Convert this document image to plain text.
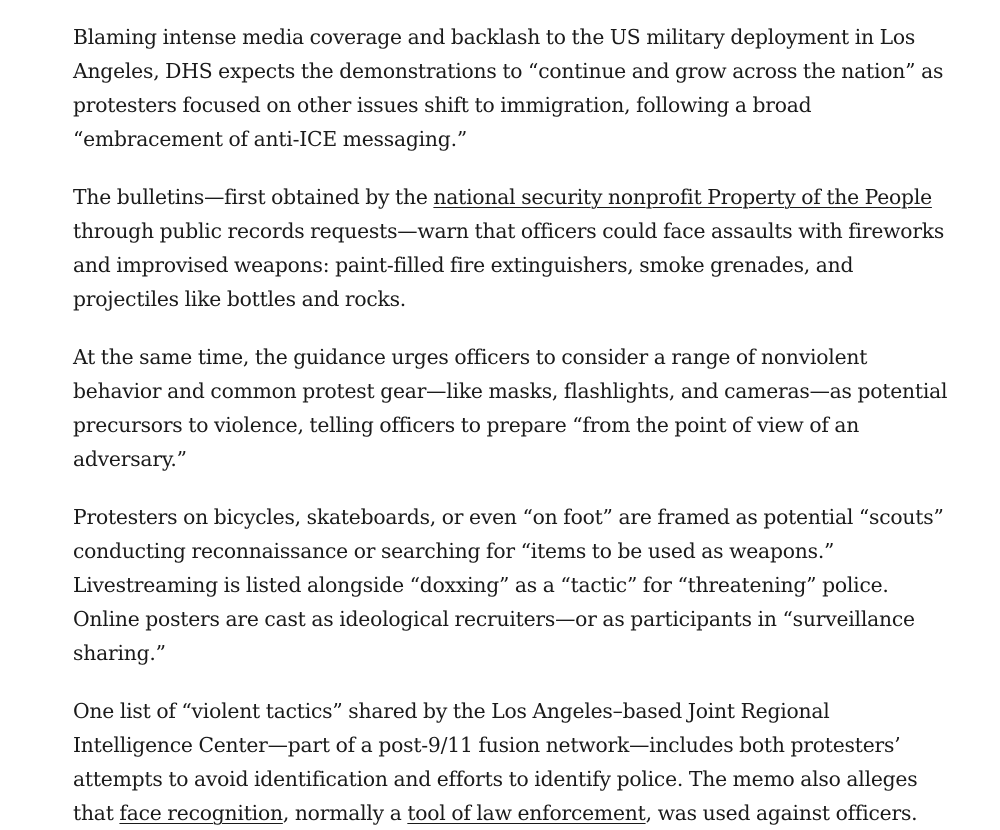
Blaming intense media coverage and backlash to the US military deployment in Los Angeles, DHS expects the demonstrations to “continue and grow across the nation” as protesters focused on other issues shift to immigration, following a broad “embracement of anti-ICE messaging.”

The bulletins—first obtained by the national security nonprofit Property of the People through public records requests—warn that officers could face assaults with fireworks and improvised weapons: paint-filled fire extinguishers, smoke grenades, and projectiles like bottles and rocks.

At the same time, the guidance urges officers to consider a range of nonviolent behavior and common protest gear—like masks, flashlights, and cameras—as potential precursors to violence, telling officers to prepare “from the point of view of an adversary.”

Protesters on bicycles, skateboards, or even “on foot” are framed as potential “scouts” conducting reconnaissance or searching for “items to be used as weapons.” Livestreaming is listed alongside “doxxing” as a “tactic” for “threatening” police. Online posters are cast as ideological recruiters—or as participants in “surveillance sharing.”

One list of “violent tactics” shared by the Los Angeles–based Joint Regional Intelligence Center—part of a post-9/11 fusion network—includes both protesters’ attempts to avoid identification and efforts to identify police. The memo also alleges that face recognition, normally a tool of law enforcement, was used against officers.
